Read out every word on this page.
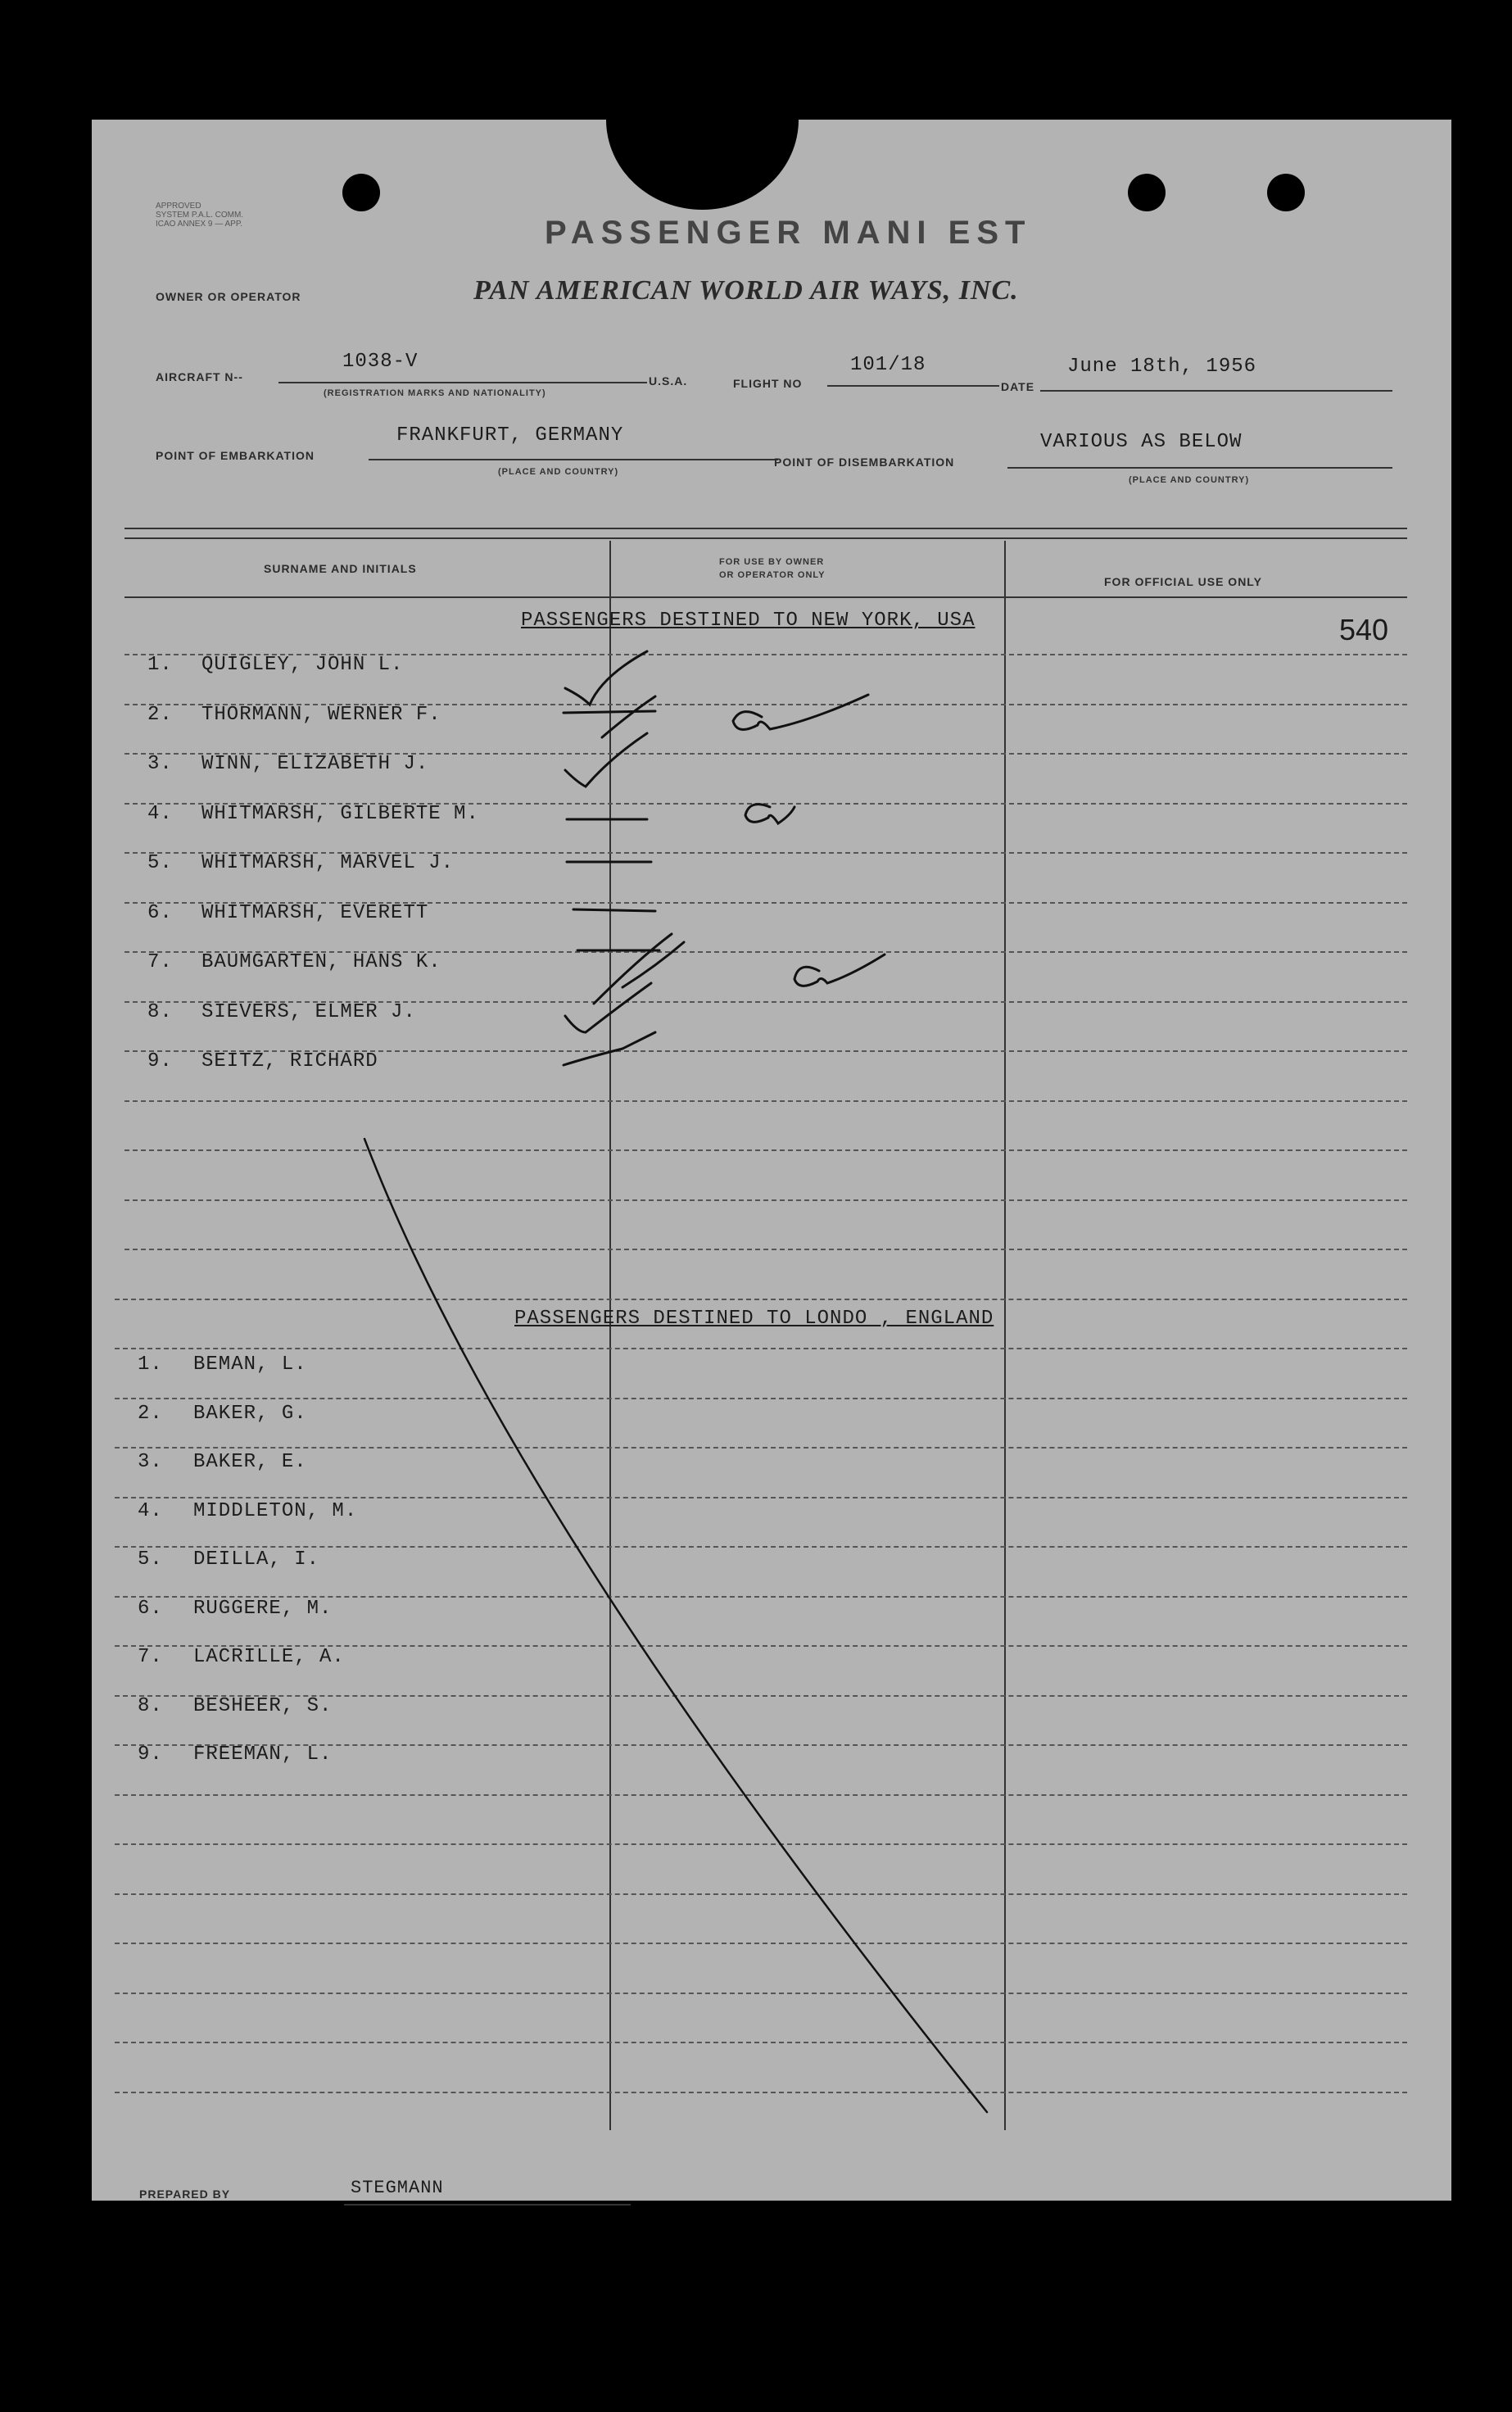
APPROVED
SYSTEM P.A.L. COMM.
ICAO ANNEX 9 — APP.	PASSENGER MANI EST
OWNER OR OPERATOR	PAN AMERICAN WORLD AIR WAYS, INC.
AIRCRAFT N--
1038-V
(REGISTRATION MARKS AND NATIONALITY)
U.S.A.	FLIGHT NO
101/18
DATE
June 18th, 1956
POINT OF EMBARKATION
FRANKFURT, GERMANY
(PLACE AND COUNTRY)
POINT OF DISEMBARKATION
VARIOUS AS BELOW
(PLACE AND COUNTRY)
SURNAME AND INITIALS	FOR USE BY OWNER
OR OPERATOR ONLY	FOR OFFICIAL USE ONLY
540
PASSENGERS DESTINED TO NEW YORK, USA
PASSENGERS DESTINED TO LONDO , ENGLAND
1. QUIGLEY, JOHN L.
2. THORMANN, WERNER F.
3. WINN, ELIZABETH J.
4. WHITMARSH, GILBERTE M.
5. WHITMARSH, MARVEL J.
6. WHITMARSH, EVERETT
7. BAUMGARTEN, HANS K.
8. SIEVERS, ELMER J.
9. SEITZ, RICHARD
1. BEMAN, L.
2. BAKER, G.
3. BAKER, E.
4. MIDDLETON, M.
5. DEILLA, I.
6. RUGGERE, M.
7. LACRILLE, A.
8. BESHEER, S.
9. FREEMAN, L.
PREPARED BY	STEGMANN
